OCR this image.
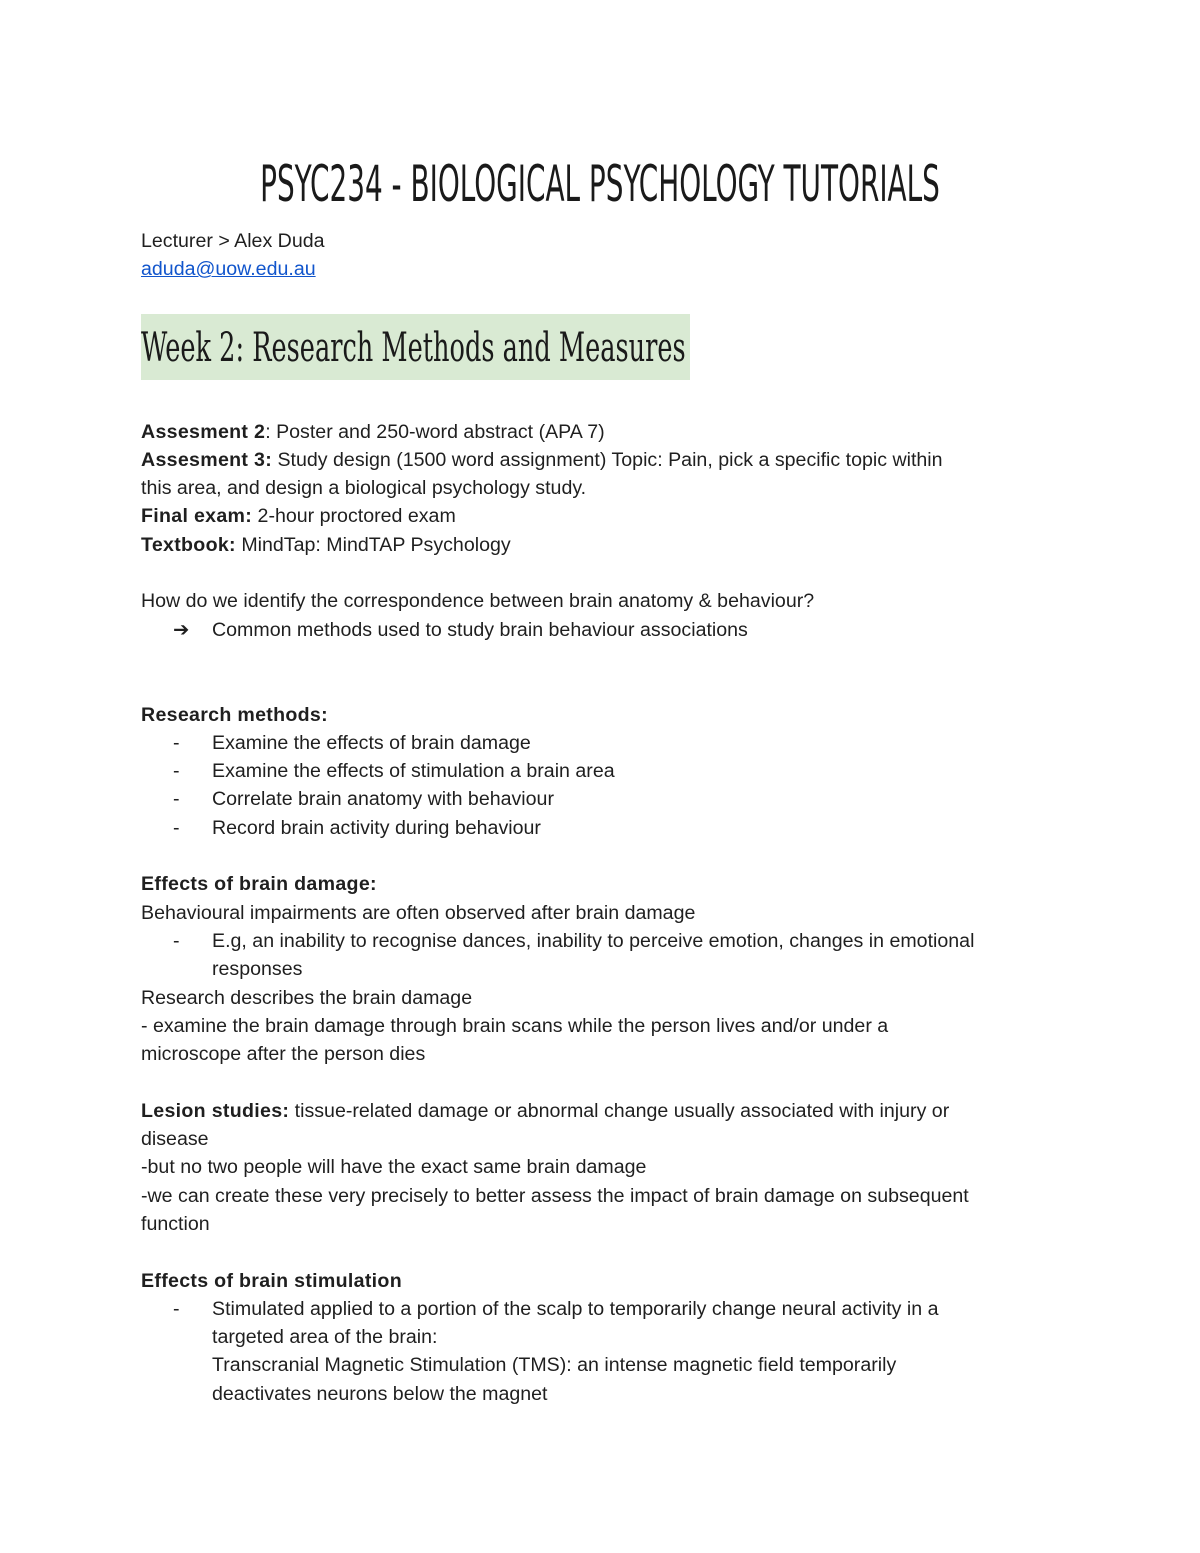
PSYC234 - BIOLOGICAL PSYCHOLOGY TUTORIALS
Lecturer > Alex Duda
aduda@uow.edu.au
Week 2: Research Methods and Measures
Assesment 2: Poster and 250-word abstract (APA 7)
Assesment 3: Study design (1500 word assignment) Topic: Pain, pick a specific topic within
this area, and design a biological psychology study.
Final exam: 2-hour proctored exam
Textbook: MindTap: MindTAP Psychology
How do we identify the correspondence between brain anatomy & behaviour?
➔ Common methods used to study brain behaviour associations
Research methods:
- Examine the effects of brain damage
- Examine the effects of stimulation a brain area
- Correlate brain anatomy with behaviour
- Record brain activity during behaviour
Effects of brain damage:
Behavioural impairments are often observed after brain damage
- E.g, an inability to recognise dances, inability to perceive emotion, changes in emotional
responses
Research describes the brain damage
- examine the brain damage through brain scans while the person lives and/or under a
microscope after the person dies
Lesion studies: tissue-related damage or abnormal change usually associated with injury or
disease
-but no two people will have the exact same brain damage
-we can create these very precisely to better assess the impact of brain damage on subsequent
function
Effects of brain stimulation
- Stimulated applied to a portion of the scalp to temporarily change neural activity in a
targeted area of the brain:
Transcranial Magnetic Stimulation (TMS): an intense magnetic field temporarily
deactivates neurons below the magnet
